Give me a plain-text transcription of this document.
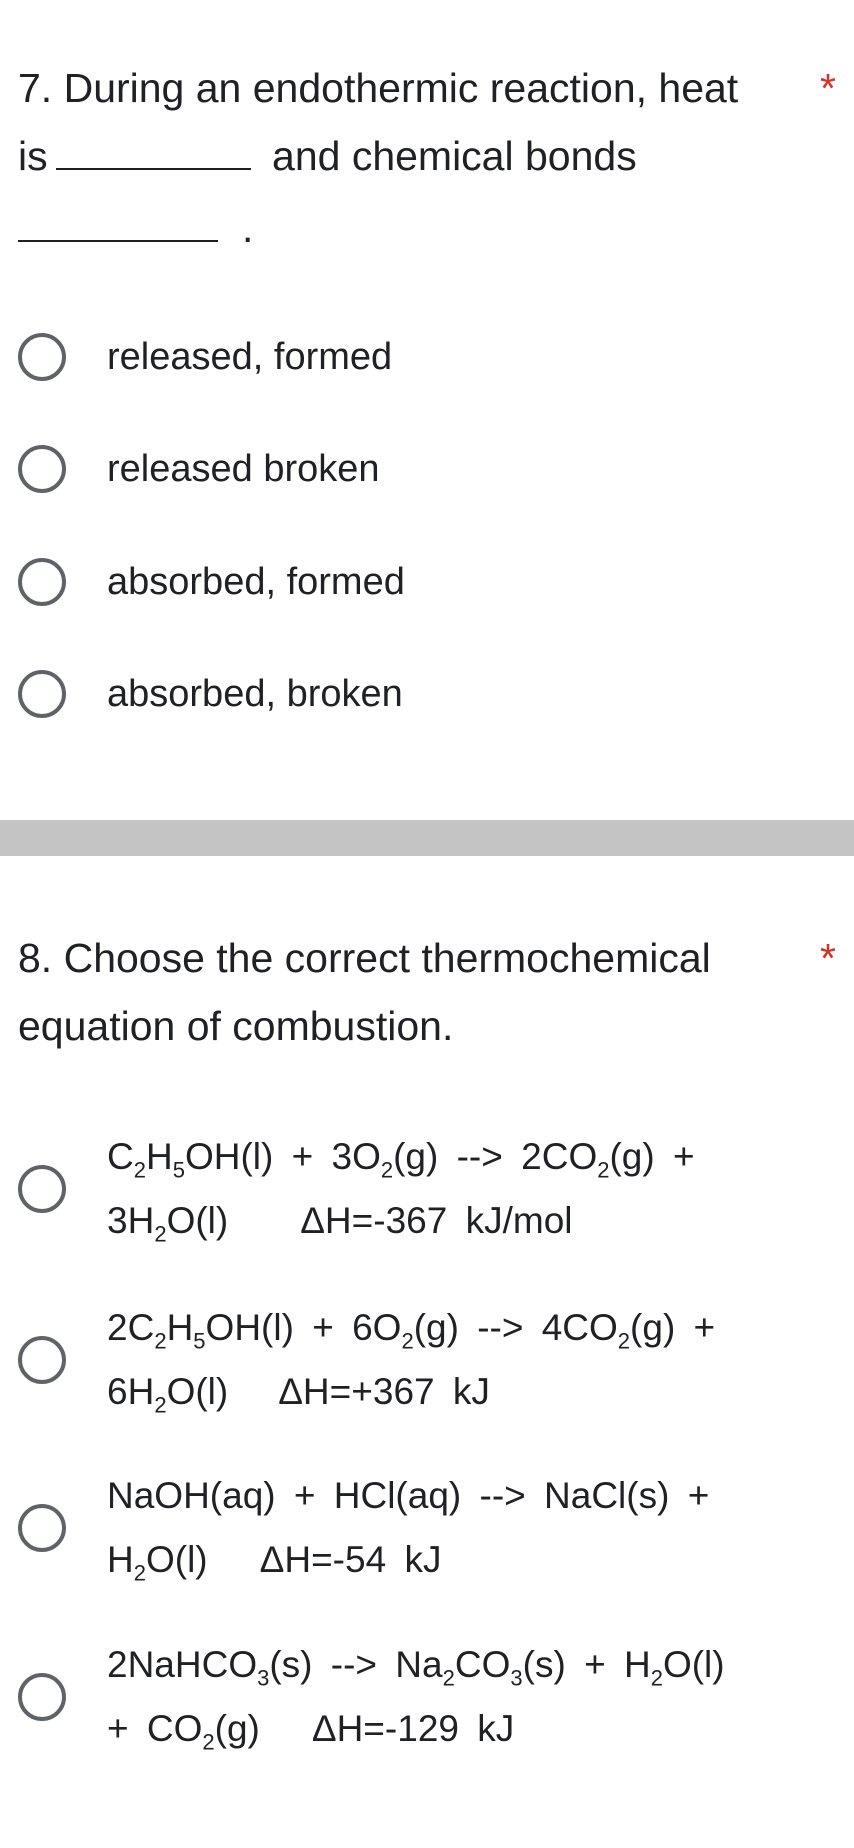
7. During an endothermic reaction, heat
is	and chemical bonds
.
*
released, formed
released broken
absorbed, formed
absorbed, broken
8. Choose the correct thermochemical equation of combustion.
*
$C_2H_5OH(l) + 3O_2(g)$ --> $2CO_2(g)$ +
$3H_2O(l)$ ΔH=-367 kJ/mol
$2C_2H_5OH(l) + 6O_2(g)$ --> $4CO_2(g)$ +
$6H_2O(l)$ ΔH=+367 kJ
NaOH(aq) + HCl(aq) --> NaCl(s) +
$H_2O(l)$ ΔH=-54 kJ
2NaHCO$_3$(s) --> $Na_2CO_3(s) + H_2O(l)$
+ $CO_2(g)$ ΔH=-129 kJ
